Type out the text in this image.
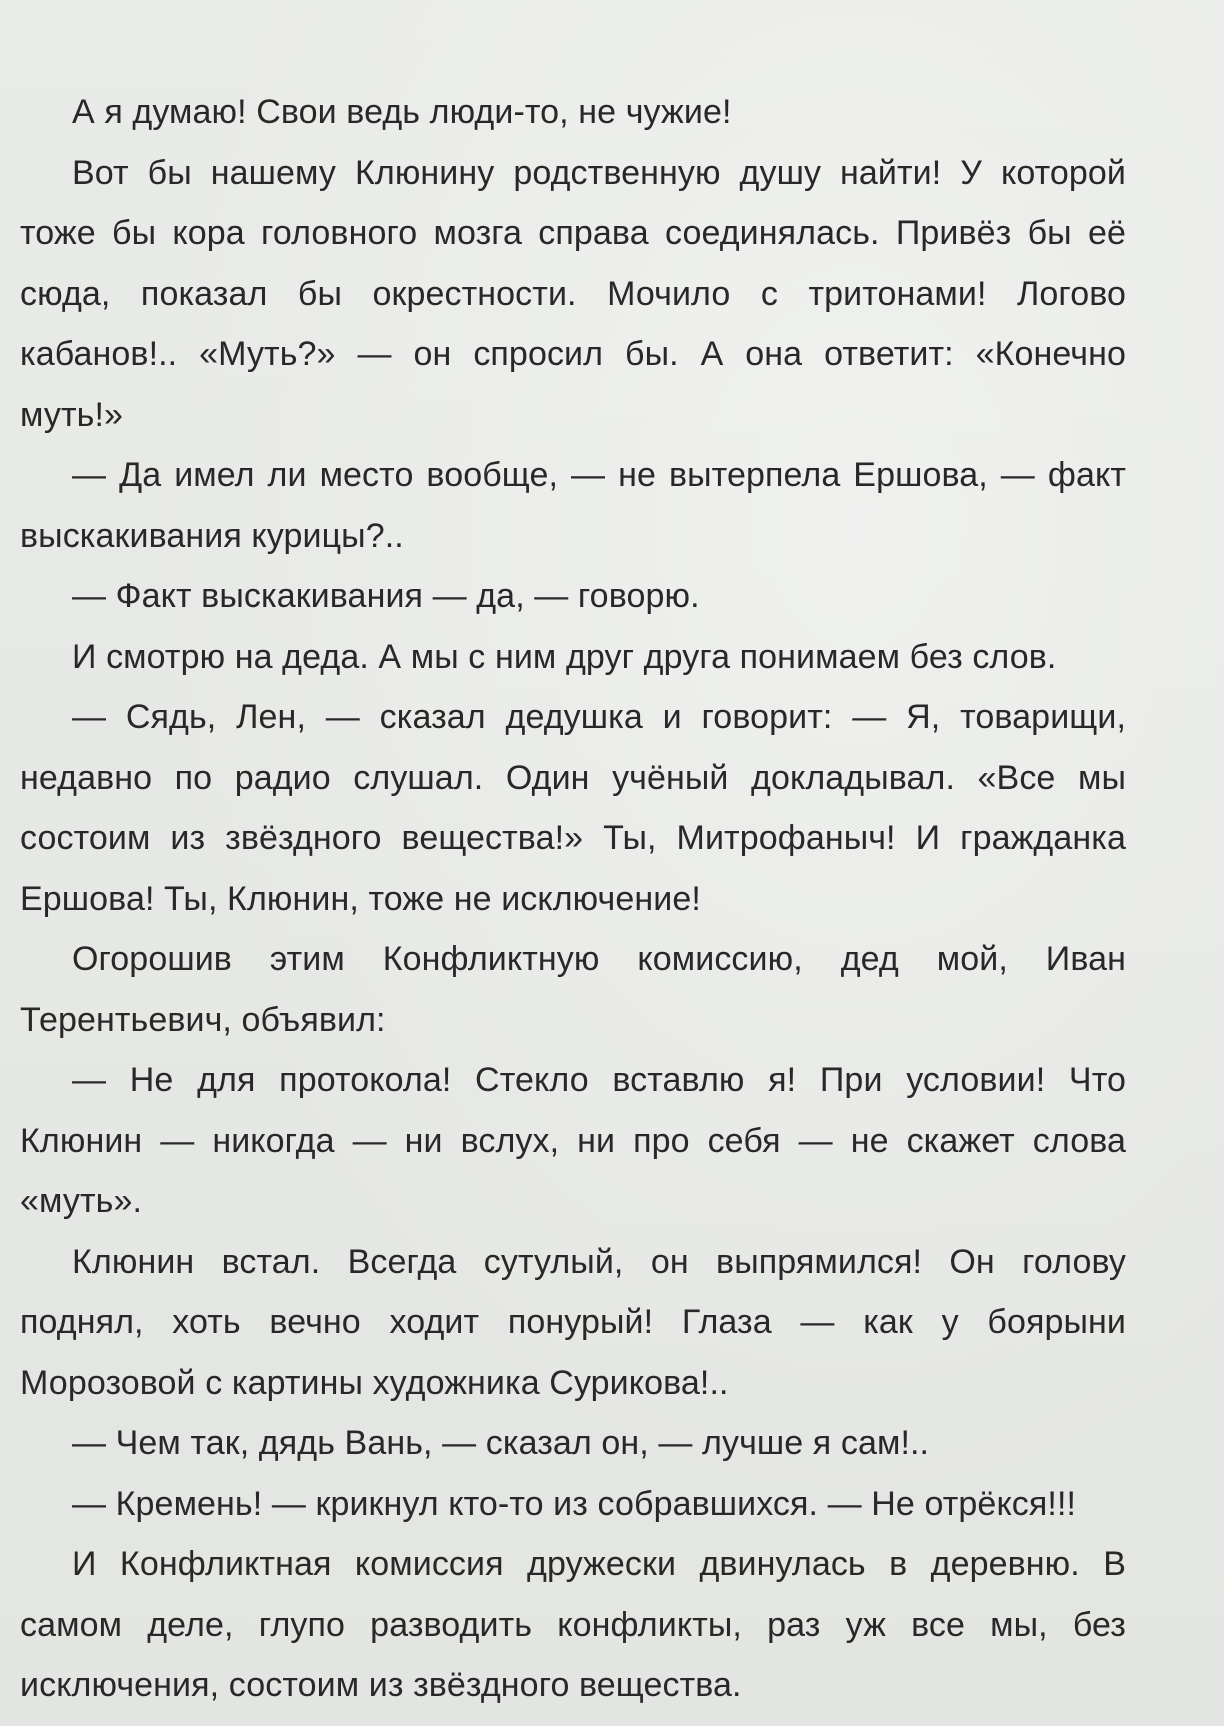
А я думаю! Свои ведь люди-то, не чужие!

Вот бы нашему Клюнину родственную душу найти! У которой тоже бы кора головного мозга справа соединялась. Привёз бы её сюда, показал бы окрестности. Мочило с тритонами! Логово кабанов!.. «Муть?» — он спросил бы. А она ответит: «Конечно муть!»

— Да имел ли место вообще, — не вытерпела Ершова, — факт выскакивания курицы?..

— Факт выскакивания — да, — говорю.

И смотрю на деда. А мы с ним друг друга понимаем без слов.

— Сядь, Лен, — сказал дедушка и говорит: — Я, товарищи, недавно по радио слушал. Один учёный докладывал. «Все мы состоим из звёздного вещества!» Ты, Митрофаныч! И гражданка Ершова! Ты, Клюнин, тоже не исключение!

Огорошив этим Конфликтную комиссию, дед мой, Иван Терентьевич, объявил:

— Не для протокола! Стекло вставлю я! При условии! Что Клюнин — никогда — ни вслух, ни про себя — не скажет слова «муть».

Клюнин встал. Всегда сутулый, он выпрямился! Он голову поднял, хоть вечно ходит понурый! Глаза — как у боярыни Морозовой с картины художника Сурикова!..

— Чем так, дядь Вань, — сказал он, — лучше я сам!..

— Кремень! — крикнул кто-то из собравшихся. — Не отрёкся!!!

И Конфликтная комиссия дружески двинулась в деревню. В самом деле, глупо разводить конфликты, раз уж все мы, без исключения, состоим из звёздного вещества.
